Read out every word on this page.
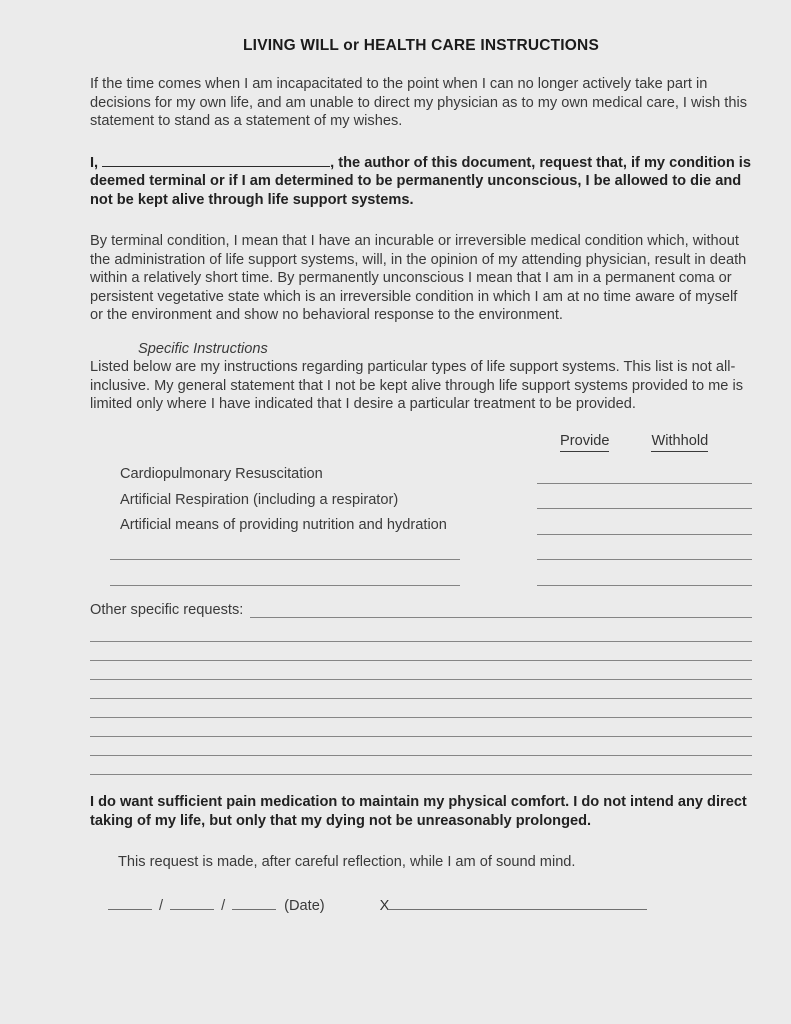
LIVING WILL or HEALTH CARE INSTRUCTIONS

If the time comes when I am incapacitated to the point when I can no longer actively take part in decisions for my own life, and am unable to direct my physician as to my own medical care, I wish this statement to stand as a statement of my wishes.

I,	, the author of this document, request that, if my condition is deemed terminal or if I am determined to be permanently unconscious, I be allowed to die and not be kept alive through life support systems.

By terminal condition, I mean that I have an incurable or irreversible medical condition which, without the administration of life support systems, will, in the opinion of my attending physician, result in death within a relatively short time. By permanently unconscious I mean that I am in a permanent coma or persistent vegetative state which is an irreversible condition in which I am at no time aware of myself or the environment and show no behavioral response to the environment.

Specific Instructions

Listed below are my instructions regarding particular types of life support systems. This list is not all-inclusive. My general statement that I not be kept alive through life support systems provided to me is limited only where I have indicated that I desire a particular treatment to be provided.

Provide	Withhold
Cardiopulmonary Resuscitation
Artificial Respiration (including a respirator)
Artificial means of providing nutrition and hydration
Other specific requests:

I do want sufficient pain medication to maintain my physical comfort. I do not intend any direct taking of my life, but only that my dying not be unreasonably prolonged.

This request is made, after careful reflection, while I am of sound mind.

/	/	(Date)	X
